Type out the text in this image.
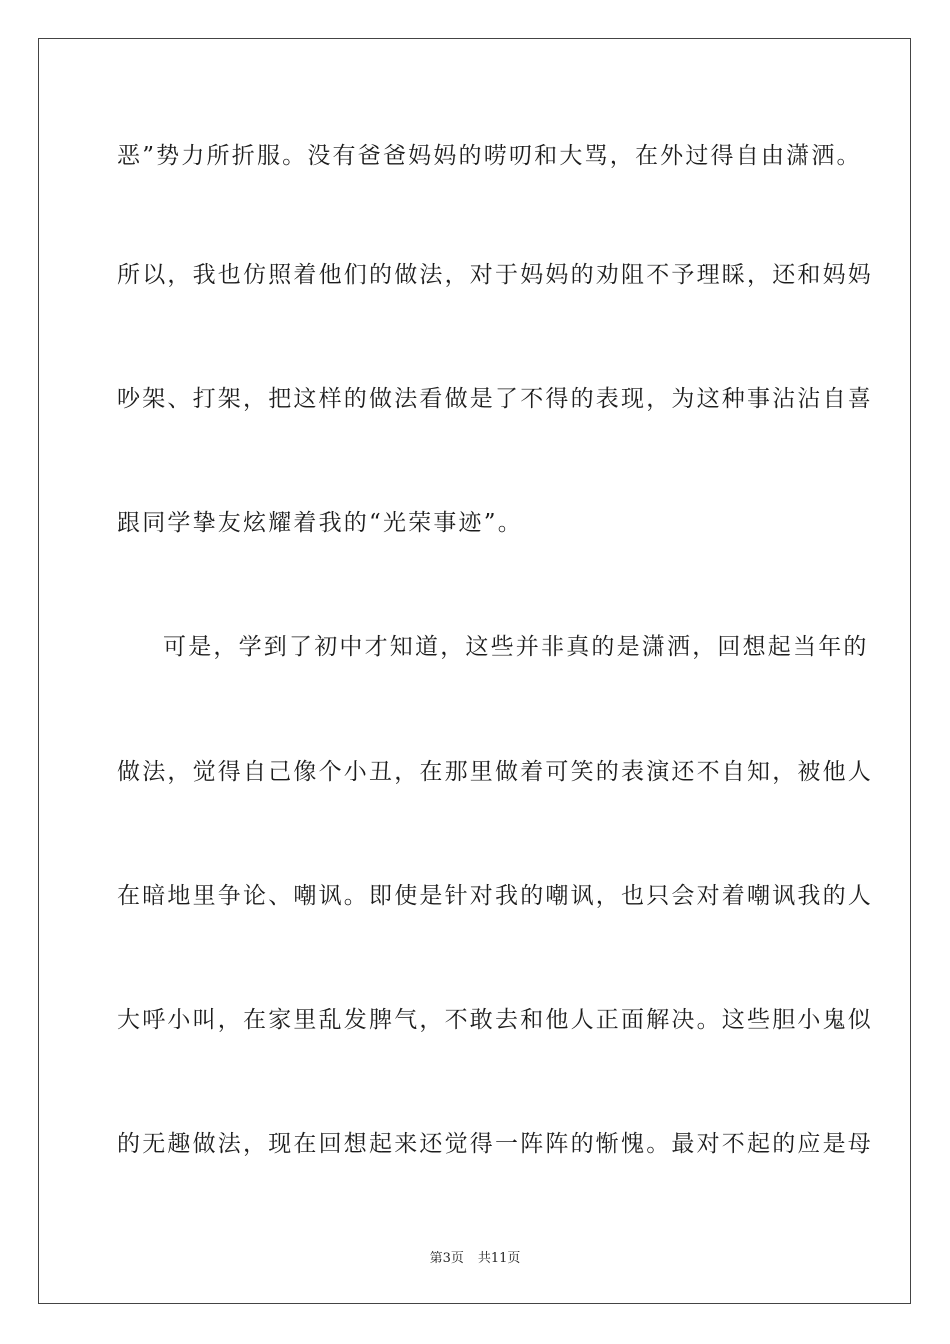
恶”势力所折服。没有爸爸妈妈的唠叨和大骂，在外过得自由潇洒。
所以，我也仿照着他们的做法，对于妈妈的劝阻不予理睬，还和妈妈
吵架、打架，把这样的做法看做是了不得的表现，为这种事沾沾自喜
跟同学挚友炫耀着我的“光荣事迹”。
可是，学到了初中才知道，这些并非真的是潇洒，回想起当年的
做法，觉得自己像个小丑，在那里做着可笑的表演还不自知，被他人
在暗地里争论、嘲讽。即使是针对我的嘲讽，也只会对着嘲讽我的人
大呼小叫，在家里乱发脾气，不敢去和他人正面解决。这些胆小鬼似
的无趣做法，现在回想起来还觉得一阵阵的惭愧。最对不起的应是母
第3页 共11页
